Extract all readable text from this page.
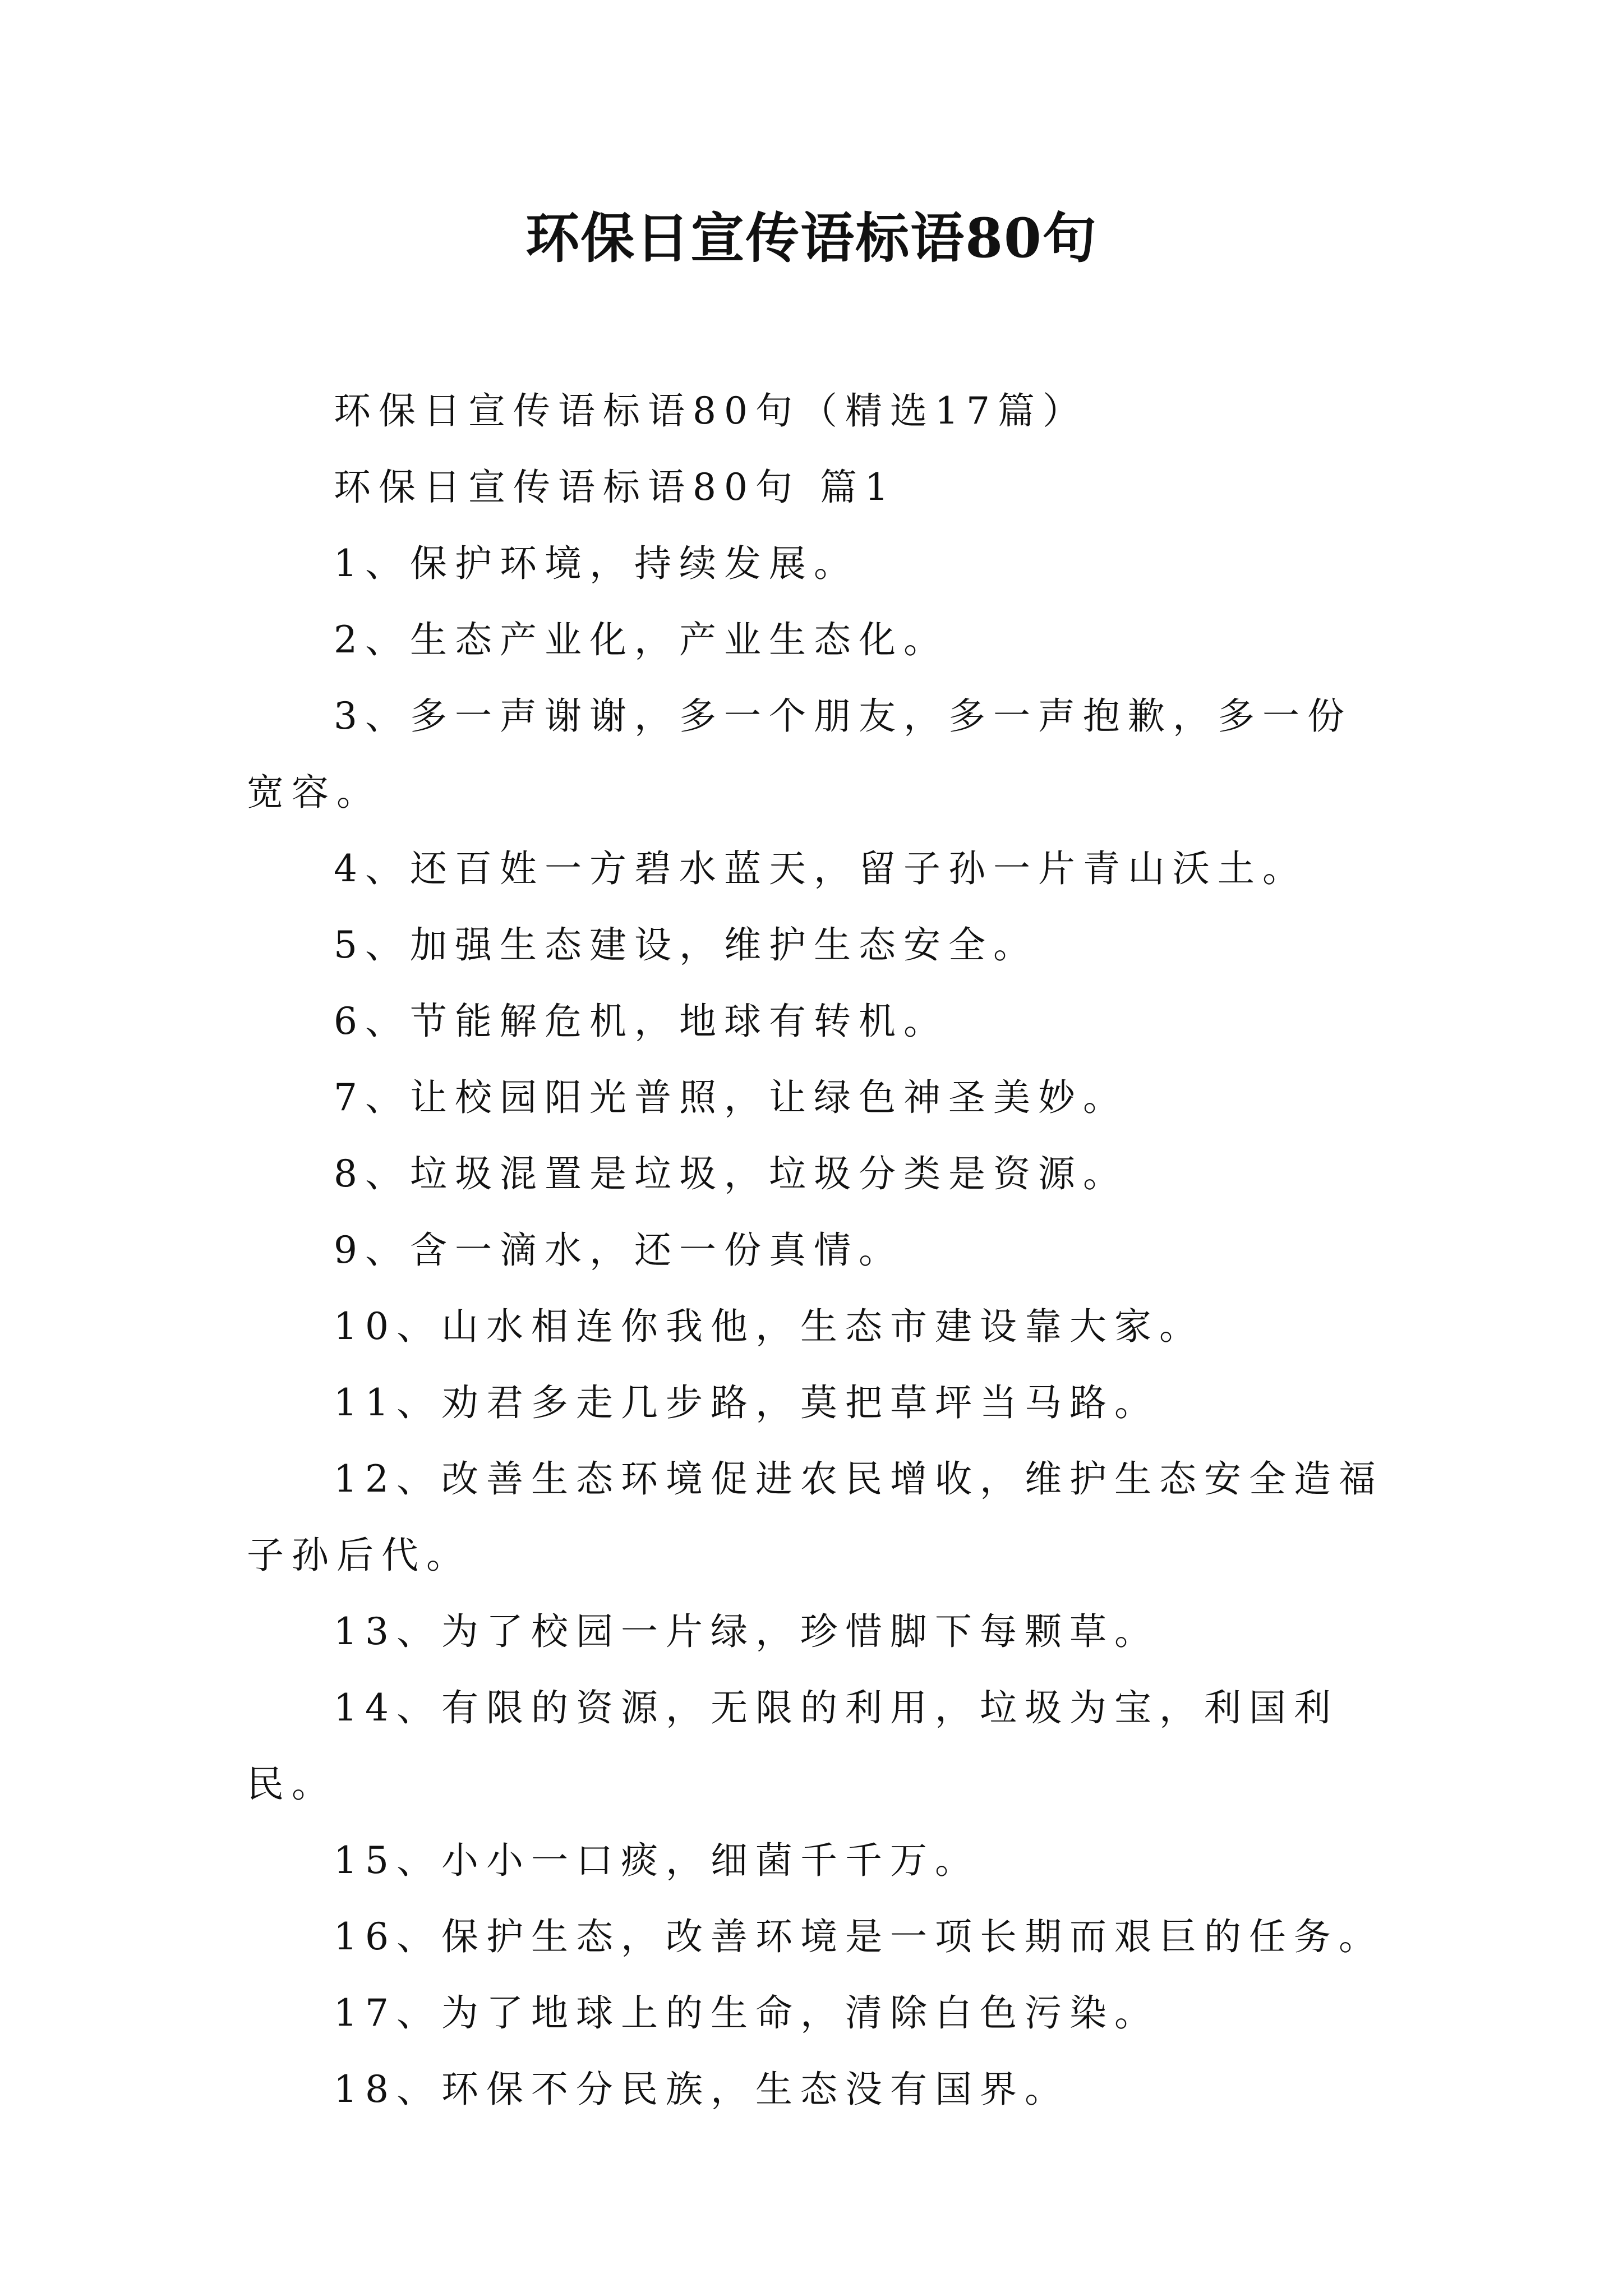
环保日宣传语标语80句

环保日宣传语标语80句（精选17篇）

环保日宣传语标语80句 篇1

1、保护环境，持续发展。

2、生态产业化，产业生态化。

3、多一声谢谢，多一个朋友，多一声抱歉，多一份宽容。

4、还百姓一方碧水蓝天，留子孙一片青山沃土。

5、加强生态建设，维护生态安全。

6、节能解危机，地球有转机。

7、让校园阳光普照，让绿色神圣美妙。

8、垃圾混置是垃圾，垃圾分类是资源。

9、含一滴水，还一份真情。

10、山水相连你我他，生态市建设靠大家。

11、劝君多走几步路，莫把草坪当马路。

12、改善生态环境促进农民增收，维护生态安全造福子孙后代。

13、为了校园一片绿，珍惜脚下每颗草。

14、有限的资源，无限的利用，垃圾为宝，利国利民。

15、小小一口痰，细菌千千万。

16、保护生态，改善环境是一项长期而艰巨的任务。

17、为了地球上的生命，清除白色污染。

18、环保不分民族，生态没有国界。
